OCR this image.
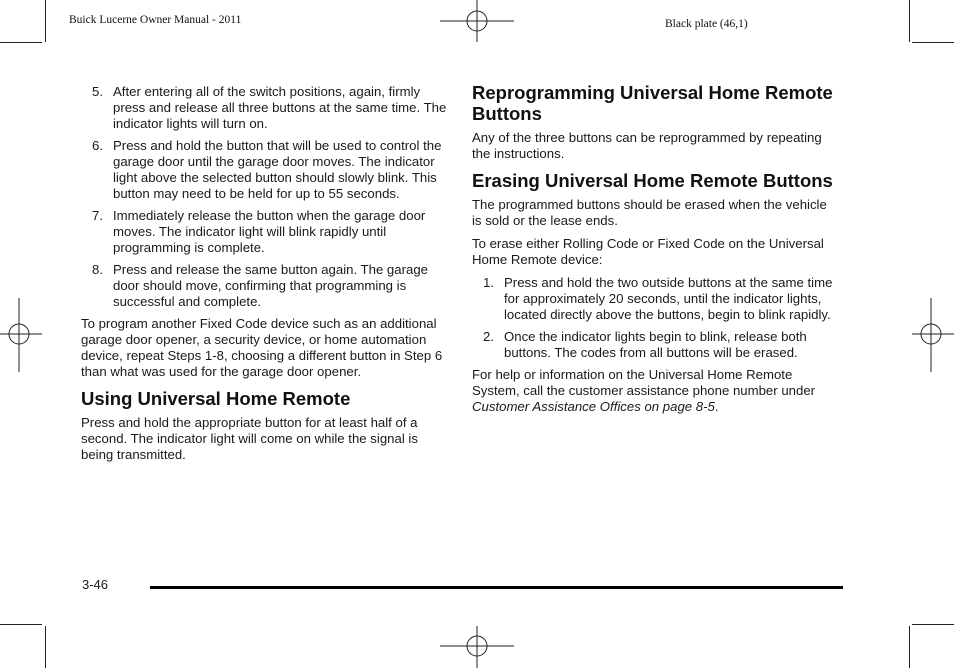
Buick Lucerne Owner Manual - 2011	Black plate (46,1)
5. After entering all of the switch positions, again, firmly press and release all three buttons at the same time. The indicator lights will turn on.
6. Press and hold the button that will be used to control the garage door until the garage door moves. The indicator light above the selected button should slowly blink. This button may need to be held for up to 55 seconds.
7. Immediately release the button when the garage door moves. The indicator light will blink rapidly until programming is complete.
8. Press and release the same button again. The garage door should move, confirming that programming is successful and complete.

To program another Fixed Code device such as an additional garage door opener, a security device, or home automation device, repeat Steps 1-8, choosing a different button in Step 6 than what was used for the garage door opener.

Using Universal Home Remote

Press and hold the appropriate button for at least half of a second. The indicator light will come on while the signal is being transmitted.

Reprogramming Universal Home Remote Buttons

Any of the three buttons can be reprogrammed by repeating the instructions.

Erasing Universal Home Remote Buttons

The programmed buttons should be erased when the vehicle is sold or the lease ends.

To erase either Rolling Code or Fixed Code on the Universal Home Remote device:

1. Press and hold the two outside buttons at the same time for approximately 20 seconds, until the indicator lights, located directly above the buttons, begin to blink rapidly.
2. Once the indicator lights begin to blink, release both buttons. The codes from all buttons will be erased.

For help or information on the Universal Home Remote System, call the customer assistance phone number under Customer Assistance Offices on page 8-5.

3-46
